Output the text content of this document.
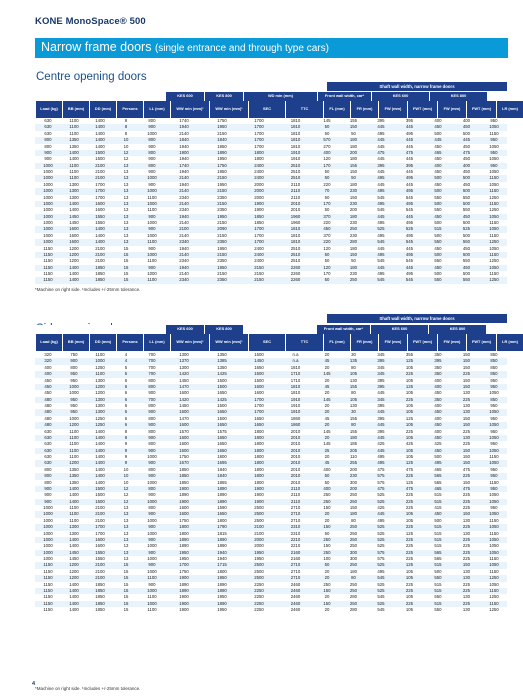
KONE MonoSpace® 500
Narrow frame doors (single entrance and through type cars)
Centre opening doors
Shaft wall width, narrow frame doors
	KES 600	KES 800	WD min (mm)	Front wall width, car*	KES 600	KES 800	
Load (kg)	BB (mm)	DD (mm)	Persons	LL (mm)	WW min (mm)¹	WW min (mm)¹	SEC	TTC	FL (mm)	FR (mm)	FW (mm)	FWT (mm)	FW (mm)	FWT (mm)	LR (mm)
630	1100	1400	8	800	1740	1750	1700	1810	145	155	395	395	400	400	950
630	1100	1400	8	900	1940	1950	1700	1810	50	150	445	445	450	450	1050
630	1100	1400	8	1000	2140	2150	1700	1810	50	50	495	495	500	500	1150
800	1350	1400	10	800	1840	1840	1700	1810	570	180	445	445	445	445	950
800	1350	1400	10	900	1940	1950	1700	1810	270	180	445	445	450	450	1050
900	1400	1500	12	800	1900	1890	1800	1910	400	200	475	475	465	475	950
900	1400	1500	12	900	1940	1950	1800	1910	120	180	445	445	450	450	1050
1000	1100	2100	13	800	1740	1750	2400	2510	170	155	395	395	400	400	950
1000	1100	2100	13	900	1940	1950	2400	2510	50	150	445	445	450	450	1050
1000	1100	2100	13	1000	2140	2150	2400	2510	50	50	495	495	500	500	1150
1000	1300	1700	13	900	1940	1950	2000	2110	220	180	445	445	450	450	1050
1000	1300	1700	13	1000	2140	2150	2000	2110	70	230	495	495	500	500	1150
1000	1300	1700	13	1100	2340	2350	2000	2110	50	150	545	545	550	550	1250
1000	1400	1600	13	1000	2140	2150	1900	2010	170	230	495	495	500	500	1150
1000	1400	1600	13	1100	2340	2350	1900	2010	50	200	545	545	550	550	1250
1000	1450	1550	13	900	1940	1950	1850	1960	370	180	445	445	450	450	1050
1000	1450	1550	13	1000	2140	2150	1850	1960	220	230	495	495	500	500	1150
1000	1600	1400	13	900	2100	2090	1700	1810	450	250	525	525	515	525	1050
1000	1600	1400	13	1000	2140	2150	1700	1810	370	230	495	495	500	500	1150
1000	1600	1400	13	1100	2340	2350	1700	1810	220	280	545	545	550	550	1250
1150	1200	2100	15	900	1940	1950	2400	2510	120	180	445	445	450	450	1050
1150	1200	2100	15	1000	2140	2150	2400	2510	50	150	495	495	500	500	1150
1150	1200	2100	15	1100	2340	2350	2400	2510	50	50	545	545	550	550	1250
1150	1400	1850	15	900	1940	1950	2150	2260	120	180	445	445	450	450	1050
1150	1400	1850	15	1000	2140	2150	2150	2260	170	230	495	495	500	500	1150
1150	1400	1850	15	1100	2340	2350	2150	2260	50	250	545	545	550	550	1250
*Machine on right side. ¹Includes +/-25mm tolerance.
Shaft wall width, narrow frame doors
	KES 600	KES 800		Front wall width, car*	KES 600	KES 800	
Load (kg)	BB (mm)	DD (mm)	Persons	LL (mm)	WW min (mm)¹	WW min (mm)¹	SEC	TTC	FL (mm)	FR (mm)	FW (mm)	FWT (mm)	FW (mm)	FWT (mm)	LR (mm)
320	750	1100	4	700	1300	1350	1500	n.a	20	30	345	355	350	150	850
320	900	1000	4	700	1370	1385	1450	n.a	45	135	395	125	395	150	850
400	800	1250	5	700	1300	1350	1650	1810	20	80	345	105	350	150	850
400	950	1100	5	700	1420	1425	1500	1710	145	105	345	225	350	225	850
450	950	1300	6	800	1450	1500	1500	1710	20	130	395	105	400	150	950
450	1000	1200	6	800	1470	1500	1600	1810	45	155	395	125	400	150	950
450	1000	1200	6	900	1600	1650	1600	1810	20	80	445	105	450	130	1050
480	950	1300	6	700	1420	1425	1700	1910	145	105	345	225	350	225	850
480	950	1300	6	800	1450	1500	1700	1910	20	130	395	105	400	130	950
480	950	1300	6	900	1600	1650	1700	1910	20	30	445	105	450	130	1050
480	1000	1250	6	800	1470	1500	1650	1860	45	155	395	125	400	150	950
480	1200	1250	6	900	1600	1650	1650	1860	20	80	445	105	450	150	1050
630	1100	1400	8	800	1570	1575	1800	2010	145	155	395	225	400	225	950
630	1100	1400	8	900	1600	1650	1800	2010	20	180	445	105	450	130	1050
630	1100	1400	9	800	1600	1650	1800	2010	145	185	425	425	425	225	950
630	1100	1400	9	900	1600	1650	1800	2010	25	205	445	105	450	150	1050
630	1100	1400	9	1000	1750	1800	1800	2010	20	110	495	105	500	150	1150
630	1200	1400	9	900	1670	1695	1800	2010	45	255	495	125	495	150	1050
800	1350	1400	10	800	1850	1840	1800	2010	400	200	475	475	465	475	950
800	1350	1400	10	900	1850	1840	1800	2010	50	230	575	225	565	225	950
800	1350	1400	10	1000	1850	1865	1800	2010	50	300	575	125	565	150	1150
900	1400	1500	12	800	1900	1890	1900	2110	400	200	475	475	465	475	950
900	1400	1500	12	900	1890	1890	1900	2110	250	250	525	225	515	225	1050
900	1400	1500	12	1000	1900	1890	1900	2110	250	250	525	225	515	225	1050
1000	1100	2100	13	800	1600	1590	2500	2710	150	150	425	225	415	225	950
1000	1100	2100	13	900	1600	1650	2500	2710	20	180	445	105	450	150	1050
1000	1100	2100	13	1000	1750	1800	2500	2710	20	80	495	105	500	130	1150
1000	1300	1700	13	900	1800	1790	2100	2310	150	250	525	225	515	225	1050
1000	1300	1700	13	1000	1800	1815	2100	2310	50	250	525	125	515	130	1150
1000	1400	1600	13	900	1890	1890	2000	2210	250	250	525	225	515	225	1050
1000	1400	1600	13	1000	1890	1890	2000	2210	150	250	525	225	515	225	1050
1000	1450	1550	13	900	1950	1940	1950	2160	250	300	575	225	565	225	1050
1000	1450	1550	13	1000	1950	1940	1950	2160	100	300	575	225	565	225	1150
1150	1200	2100	15	900	1700	1715	2500	2710	50	250	525	125	515	150	1050
1150	1200	2100	15	1000	1750	1800	2500	2710	20	180	495	105	500	130	1150
1150	1200	2100	15	1100	1900	1950	2500	2710	20	80	545	105	550	130	1250
1150	1400	1850	15	900	1890	1890	2250	2460	250	250	525	225	515	225	1050
1150	1400	1850	15	1000	1890	1890	2250	2460	150	250	525	225	515	225	1150
1150	1400	1850	15	1100	1900	1950	2250	2460	20	280	545	105	550	130	1250
1150	1400	1850	15	1000	1900	1890	2250	2460	150	250	525	225	515	225	1150
1150	1400	1850	15	1100	1900	1950	2250	2460	20	280	545	105	550	130	1250
*Machine on right side. ¹Includes +/-25mm tolerance.
4
